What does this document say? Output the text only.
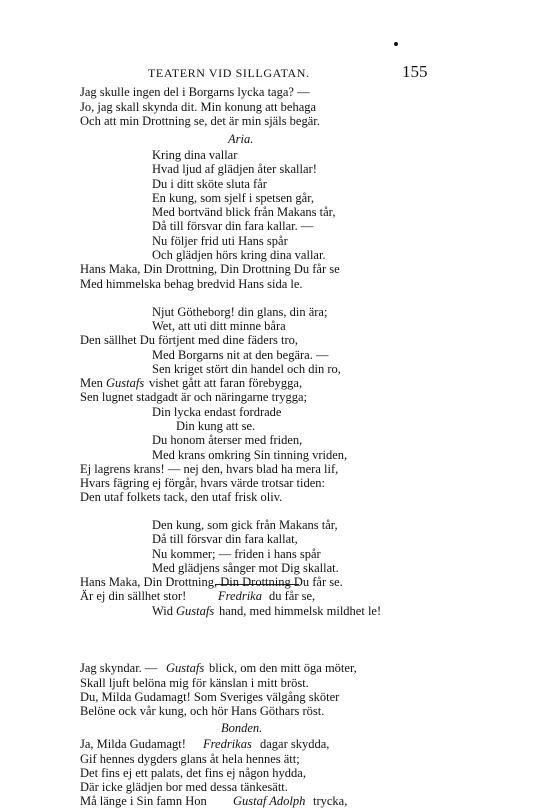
TEATERN VID SILLGATAN.	155
Jag skulle ingen del i Borgarns lycka taga? —
Jo, jag skall skynda dit. Min konung att behaga
Och att min Drottning se, det är min själs begär.
Aria.
Kring dina vallar
Hvad ljud af glädjen åter skallar!
Du i ditt sköte sluta får
En kung, som sjelf i spetsen går,
Med bortvänd blick från Makans tår,
Då till försvar din fara kallar. —
Nu följer frid uti Hans spår
Och glädjen hörs kring dina vallar.
Hans Maka, Din Drottning, Din Drottning Du får se
Med himmelska behag bredvid Hans sida le.
Njut Götheborg! din glans, din ära;
Wet, att uti ditt minne båra
Den sällhet Du förtjent med dine fäders tro,
Med Borgarns nit at den begära. —
Sen kriget stört din handel och din ro,
Men Gustafs vishet gått att faran förebygga,
Sen lugnet stadgadt är och näringarne trygga;
Din lycka endast fordrade
Din kung att se.
Du honom återser med friden,
Med krans omkring Sin tinning vriden,
Ej lagrens krans! — nej den, hvars blad ha mera lif,
Hvars fägring ej förgår, hvars värde trotsar tiden:
Den utaf folkets tack, den utaf frisk oliv.
Den kung, som gick från Makans tår,
Då till försvar din fara kallat,
Nu kommer; — friden i hans spår
Med glädjens sånger mot Dig skallat.
Hans Maka, Din Drottning, Din Drottning Du får se.
Är ej din sällhet stor!	Fredrika du får se,
Wid Gustafs hand, med himmelsk mildhet le!
Jag skyndar. — Gustafs blick, om den mitt öga möter,
Skall ljuft belöna mig för känslan i mitt bröst.
Du, Milda Gudamagt! Som Sveriges välgång sköter
Belöne ock vår kung, och hör Hans Göthars röst.
Bonden.
Ja, Milda Gudamagt! Fredrikas dagar skydda,
Gif hennes dygders glans åt hela hennes ätt;
Det fins ej ett palats, det fins ej någon hydda,
Där icke glädjen bor med dessa tänkesätt.
Må länge i Sin famn Hon Gustaf Adolph trycka,
